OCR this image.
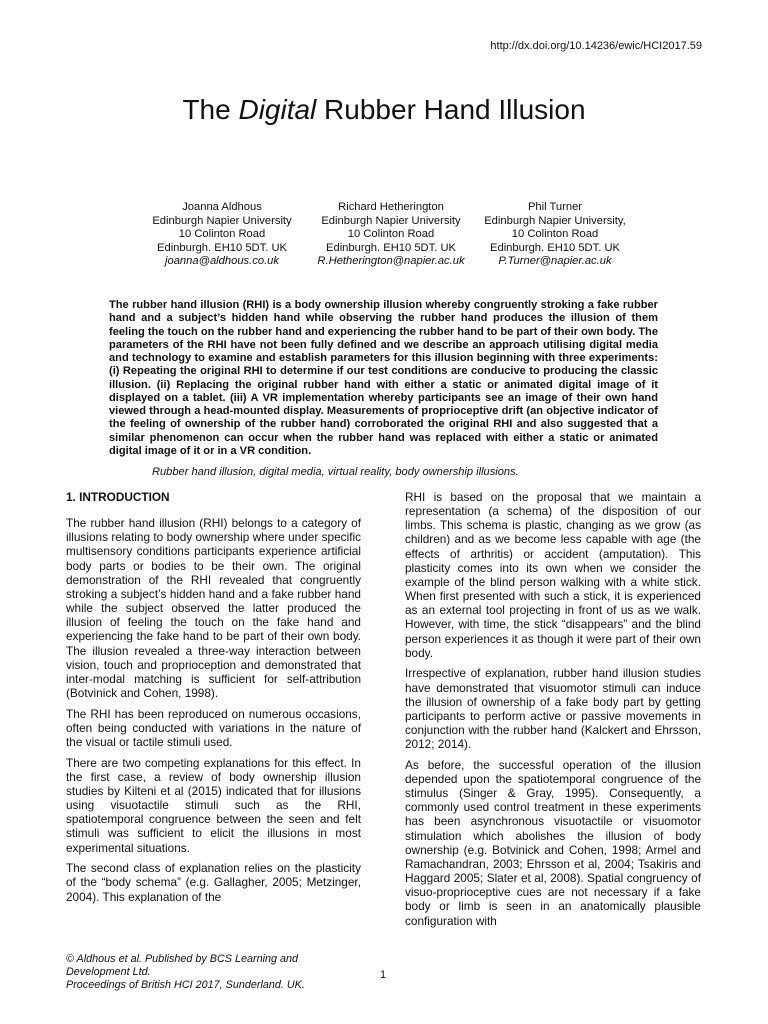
http://dx.doi.org/10.14236/ewic/HCI2017.59
The Digital Rubber Hand Illusion
Joanna Aldhous
Edinburgh Napier University
10 Colinton Road
Edinburgh. EH10 5DT. UK
joanna@aldhous.co.uk
Richard Hetherington
Edinburgh Napier University
10 Colinton Road
Edinburgh. EH10 5DT. UK
R.Hetherington@napier.ac.uk
Phil Turner
Edinburgh Napier University,
10 Colinton Road
Edinburgh. EH10 5DT. UK
P.Turner@napier.ac.uk

The rubber hand illusion (RHI) is a body ownership illusion whereby congruently stroking a fake rubber hand and a subject’s hidden hand while observing the rubber hand produces the illusion of them feeling the touch on the rubber hand and experiencing the rubber hand to be part of their own body. The parameters of the RHI have not been fully defined and we describe an approach utilising digital media and technology to examine and establish parameters for this illusion beginning with three experiments: (i) Repeating the original RHI to determine if our test conditions are conducive to producing the classic illusion. (ii) Replacing the original rubber hand with either a static or animated digital image of it displayed on a tablet. (iii) A VR implementation whereby participants see an image of their own hand viewed through a head-mounted display. Measurements of proprioceptive drift (an objective indicator of the feeling of ownership of the rubber hand) corroborated the original RHI and also suggested that a similar phenomenon can occur when the rubber hand was replaced with either a static or animated digital image of it or in a VR condition.

Rubber hand illusion, digital media, virtual reality, body ownership illusions.
1. INTRODUCTION

The rubber hand illusion (RHI) belongs to a category of illusions relating to body ownership where under specific multisensory conditions participants experience artificial body parts or bodies to be their own. The original demonstration of the RHI revealed that congruently stroking a subject’s hidden hand and a fake rubber hand while the subject observed the latter produced the illusion of feeling the touch on the fake hand and experiencing the fake hand to be part of their own body. The illusion revealed a three-way interaction between vision, touch and proprioception and demonstrated that inter-modal matching is sufficient for self-attribution (Botvinick and Cohen, 1998).

The RHI has been reproduced on numerous occasions, often being conducted with variations in the nature of the visual or tactile stimuli used.

There are two competing explanations for this effect. In the first case, a review of body ownership illusion studies by Kilteni et al (2015) indicated that for illusions using visuotactile stimuli such as the RHI, spatiotemporal congruence between the seen and felt stimuli was sufficient to elicit the illusions in most experimental situations.

The second class of explanation relies on the plasticity of the “body schema” (e.g. Gallagher, 2005; Metzinger, 2004). This explanation of the

RHI is based on the proposal that we maintain a representation (a schema) of the disposition of our limbs. This schema is plastic, changing as we grow (as children) and as we become less capable with age (the effects of arthritis) or accident (amputation). This plasticity comes into its own when we consider the example of the blind person walking with a white stick. When first presented with such a stick, it is experienced as an external tool projecting in front of us as we walk. However, with time, the stick “disappears” and the blind person experiences it as though it were part of their own body.

Irrespective of explanation, rubber hand illusion studies have demonstrated that visuomotor stimuli can induce the illusion of ownership of a fake body part by getting participants to perform active or passive movements in conjunction with the rubber hand (Kalckert and Ehrsson, 2012; 2014).

As before, the successful operation of the illusion depended upon the spatiotemporal congruence of the stimulus (Singer & Gray, 1995). Consequently, a commonly used control treatment in these experiments has been asynchronous visuotactile or visuomotor stimulation which abolishes the illusion of body ownership (e.g. Botvinick and Cohen, 1998; Armel and Ramachandran, 2003; Ehrsson et al, 2004; Tsakiris and Haggard 2005; Slater et al, 2008). Spatial congruency of visuo-proprioceptive cues are not necessary if a fake body or limb is seen in an anatomically plausible configuration with

© Aldhous et al. Published by BCS Learning and Development Ltd.
Proceedings of British HCI 2017, Sunderland. UK.
1
